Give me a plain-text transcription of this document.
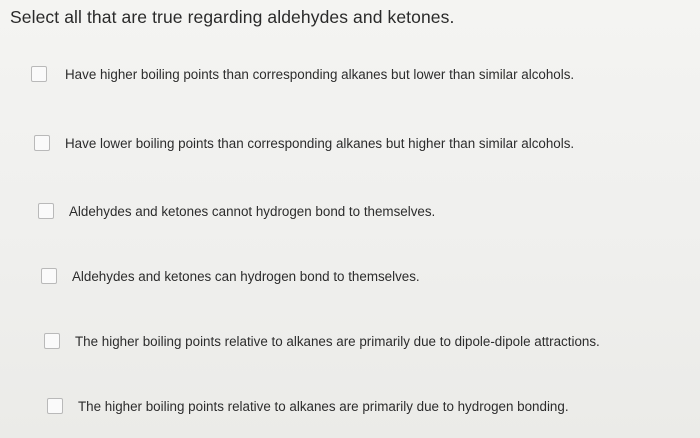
Select all that are true regarding aldehydes and ketones.
Have higher boiling points than corresponding alkanes but lower than similar alcohols.
Have lower boiling points than corresponding alkanes but higher than similar alcohols.
Aldehydes and ketones cannot hydrogen bond to themselves.
Aldehydes and ketones can hydrogen bond to themselves.
The higher boiling points relative to alkanes are primarily due to dipole-dipole attractions.
The higher boiling points relative to alkanes are primarily due to hydrogen bonding.
